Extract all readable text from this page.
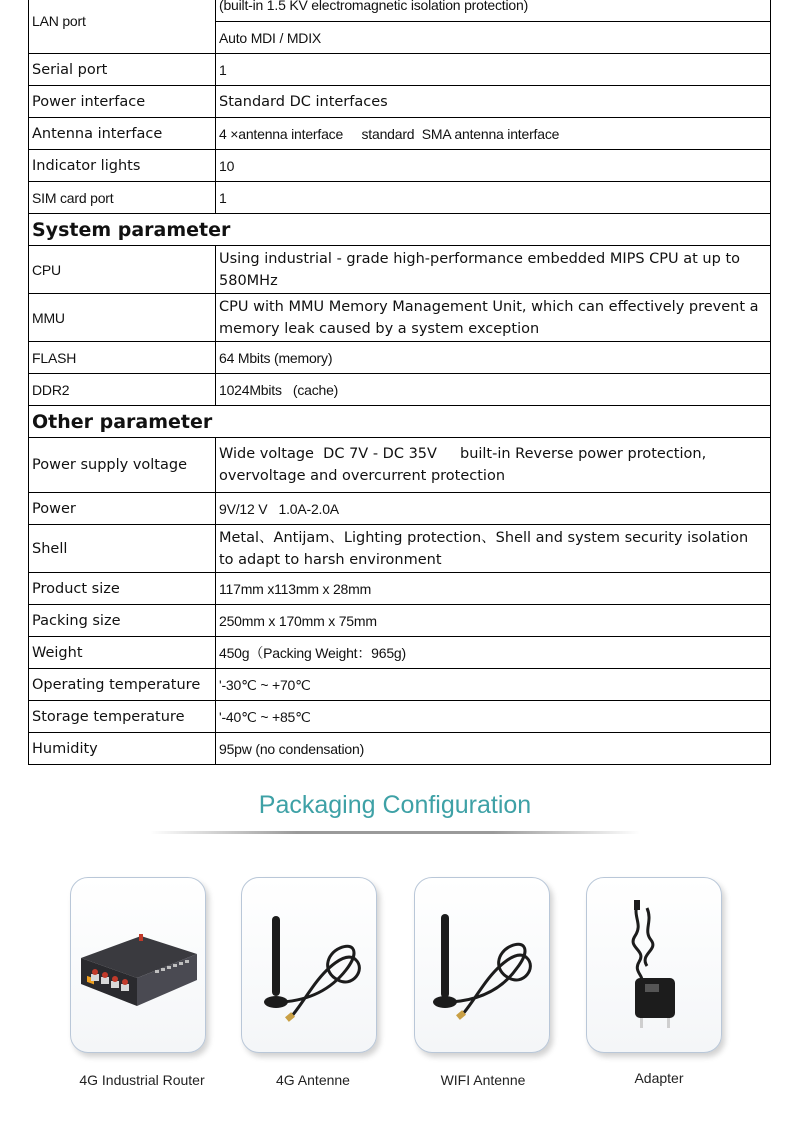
LAN port	(built-in 1.5 KV electromagnetic isolation protection)
	Auto MDI / MDIX
Serial port	1
Power interface	Standard DC interfaces
Antenna interface	4 ×antenna interface     standard  SMA antenna interface
Indicator lights	10
SIM card port	1
System parameter	
CPU	Using industrial - grade high-performance embedded MIPS CPU at up to 580MHz
MMU	CPU with MMU Memory Management Unit, which can effectively prevent a memory leak caused by a system exception
FLASH	64 Mbits (memory)
DDR2	1024Mbits   (cache)
Other parameter	
Power supply voltage	Wide voltage  DC 7V - DC 35V     built-in Reverse power protection, overvoltage and overcurrent protection
Power	9V/12 V   1.0A-2.0A
Shell	Metal、Antijam、Lighting protection、Shell and system security isolation to adapt to harsh environment
Product size	117mm x113mm x 28mm
Packing size	250mm x 170mm x 75mm
Weight	450g（Packing Weight：965g)
Operating temperature	'-30℃ ~ +70℃
Storage temperature	'-40℃ ~ +85℃
Humidity	95pw (no condensation)
Packaging Configuration
4G Industrial Router	4G Antenne	WIFI Antenne	Adapter
